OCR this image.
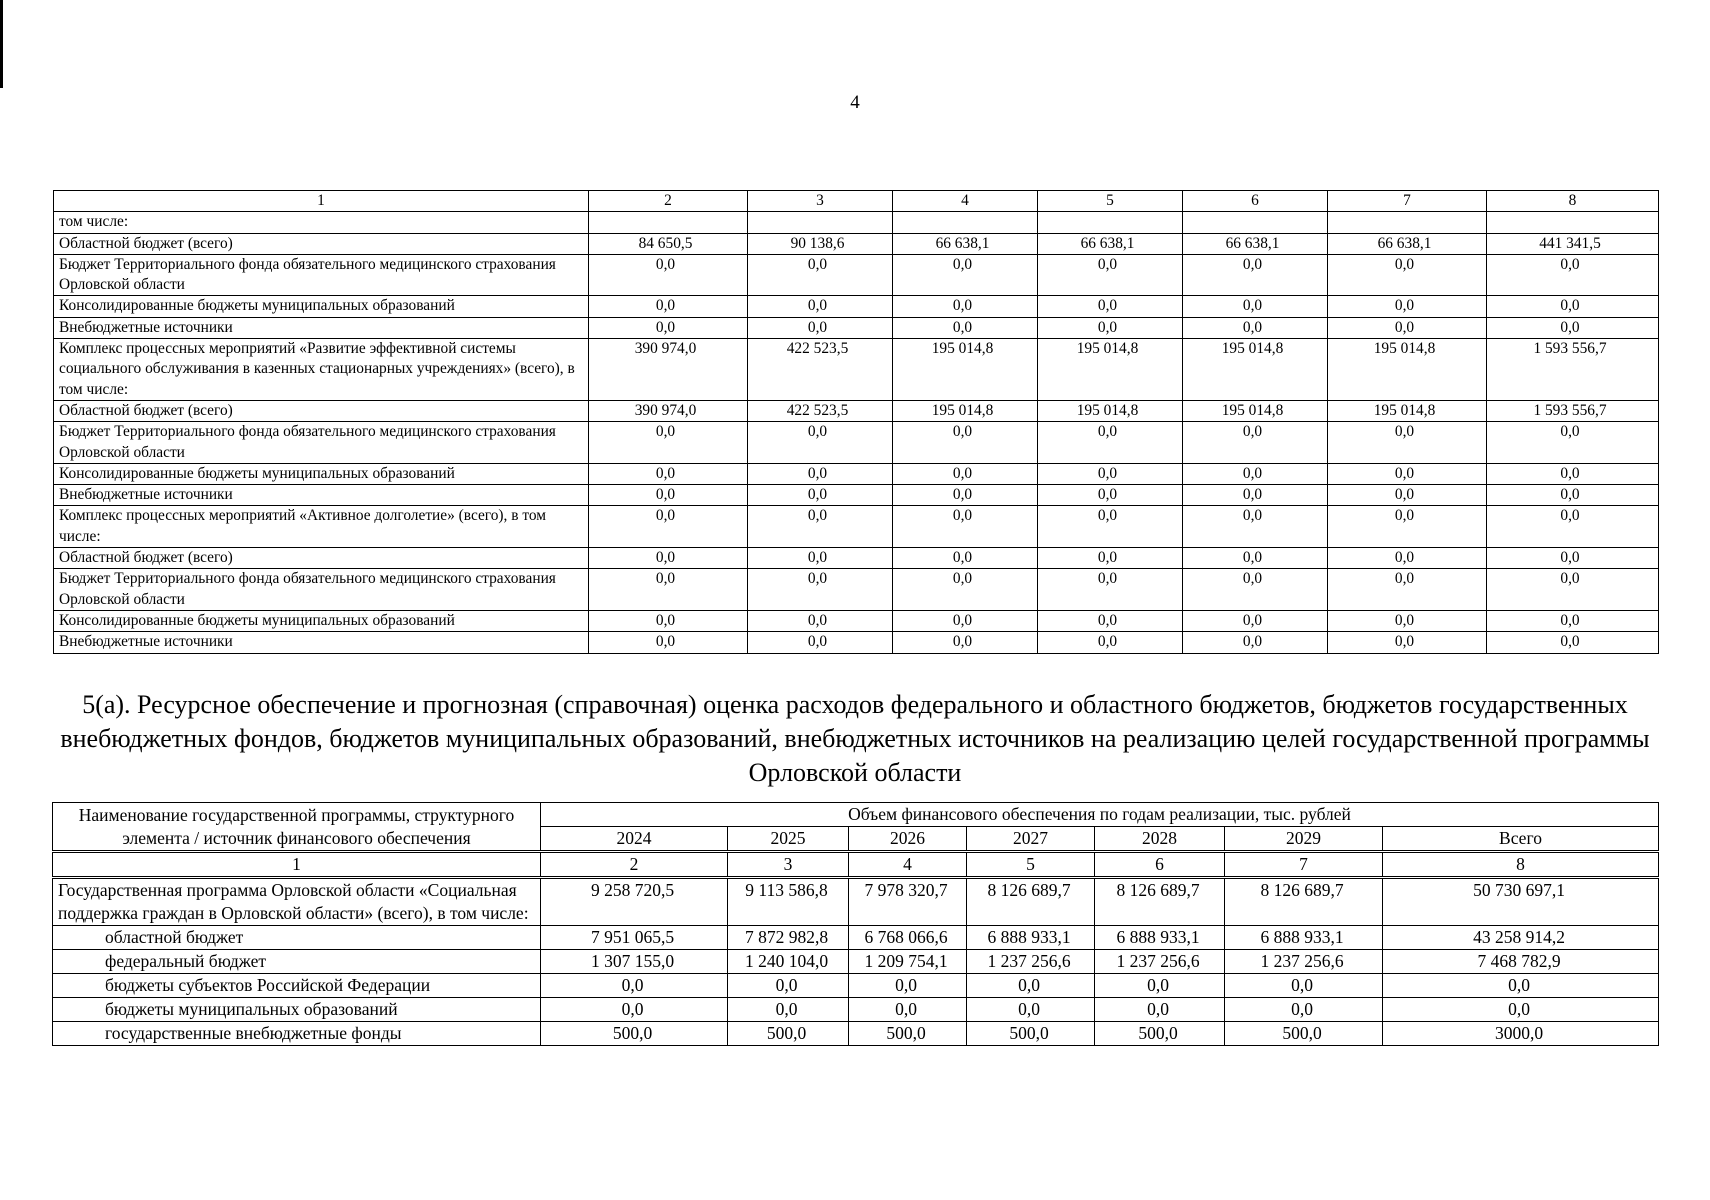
4
1	2	3	4	5	6	7	8
том числе:							
Областной бюджет (всего)	84 650,5	90 138,6	66 638,1	66 638,1	66 638,1	66 638,1	441 341,5
Бюджет Территориального фонда обязательного медицинского страхования Орловской области	0,0	0,0	0,0	0,0	0,0	0,0	0,0
Консолидированные бюджеты муниципальных образований	0,0	0,0	0,0	0,0	0,0	0,0	0,0
Внебюджетные источники	0,0	0,0	0,0	0,0	0,0	0,0	0,0
Комплекс процессных мероприятий «Развитие эффективной системы социального обслуживания в казенных стационарных учреждениях» (всего), в том числе:	390 974,0	422 523,5	195 014,8	195 014,8	195 014,8	195 014,8	1 593 556,7
Областной бюджет (всего)	390 974,0	422 523,5	195 014,8	195 014,8	195 014,8	195 014,8	1 593 556,7
Бюджет Территориального фонда обязательного медицинского страхования Орловской области	0,0	0,0	0,0	0,0	0,0	0,0	0,0
Консолидированные бюджеты муниципальных образований	0,0	0,0	0,0	0,0	0,0	0,0	0,0
Внебюджетные источники	0,0	0,0	0,0	0,0	0,0	0,0	0,0
Комплекс процессных мероприятий «Активное долголетие» (всего), в том числе:	0,0	0,0	0,0	0,0	0,0	0,0	0,0
Областной бюджет (всего)	0,0	0,0	0,0	0,0	0,0	0,0	0,0
Бюджет Территориального фонда обязательного медицинского страхования Орловской области	0,0	0,0	0,0	0,0	0,0	0,0	0,0
Консолидированные бюджеты муниципальных образований	0,0	0,0	0,0	0,0	0,0	0,0	0,0
Внебюджетные источники	0,0	0,0	0,0	0,0	0,0	0,0	0,0
5(а). Ресурсное обеспечение и прогнозная (справочная) оценка расходов федерального и областного бюджетов, бюджетов государственных внебюджетных фондов, бюджетов муниципальных образований, внебюджетных источников на реализацию целей государственной программы Орловской области
Наименование государственной программы, структурного элемента / источник финансового обеспечения	Объем финансового обеспечения по годам реализации, тыс. рублей						
	2024	2025	2026	2027	2028	2029	Всего
1	2	3	4	5	6	7	8
Государственная программа Орловской области «Социальная поддержка граждан в Орловской области» (всего), в том числе:	9 258 720,5	9 113 586,8	7 978 320,7	8 126 689,7	8 126 689,7	8 126 689,7	50 730 697,1
областной бюджет	7 951 065,5	7 872 982,8	6 768 066,6	6 888 933,1	6 888 933,1	6 888 933,1	43 258 914,2
федеральный бюджет	1 307 155,0	1 240 104,0	1 209 754,1	1 237 256,6	1 237 256,6	1 237 256,6	7 468 782,9
бюджеты субъектов Российской Федерации	0,0	0,0	0,0	0,0	0,0	0,0	0,0
бюджеты муниципальных образований	0,0	0,0	0,0	0,0	0,0	0,0	0,0
государственные внебюджетные фонды	500,0	500,0	500,0	500,0	500,0	500,0	3000,0
